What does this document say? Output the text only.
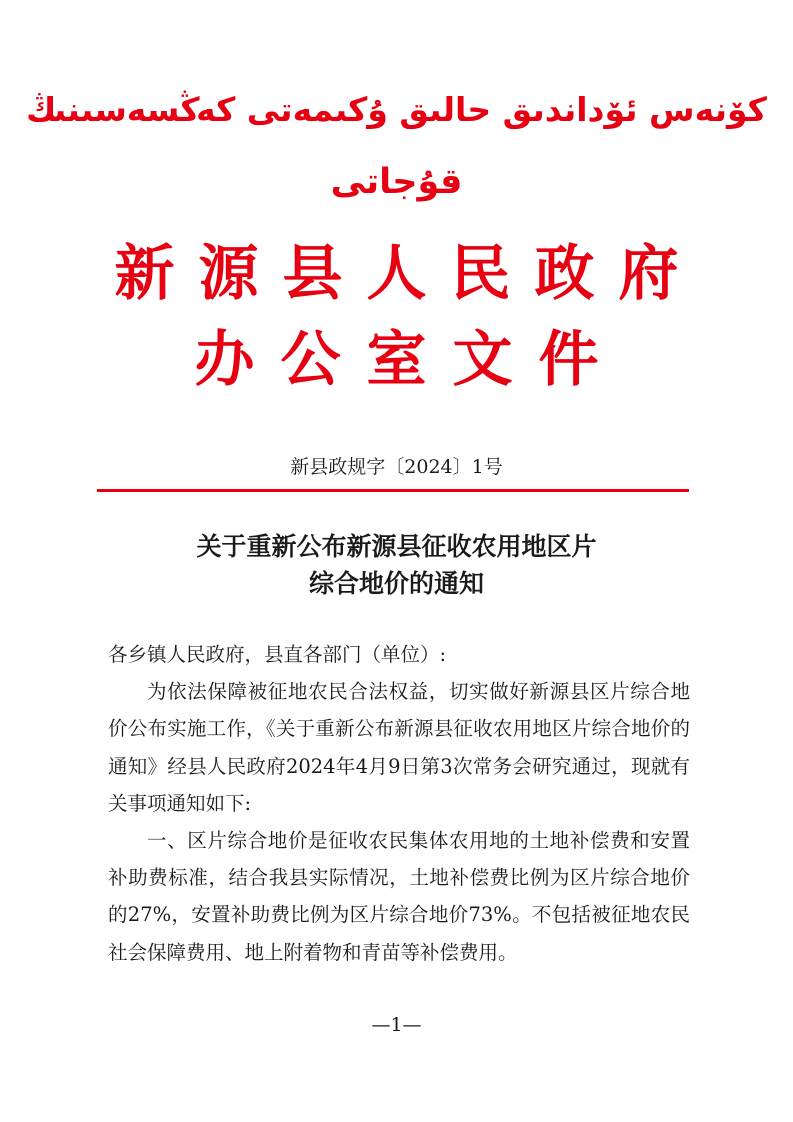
كۆنەس ئۆداندىق حالىق ۇكىمەتى كەڭسەسىنىڭ
قۇجاتى
新源县人民政府
办公室文件
新县政规字〔2024〕1号
关于重新公布新源县征收农用地区片
综合地价的通知

各乡镇人民政府，县直各部门（单位）:

为依法保障被征地农民合法权益，切实做好新源县区片综合地价公布实施工作，《关于重新公布新源县征收农用地区片综合地价的通知》经县人民政府2024年4月9日第3次常务会研究通过，现就有关事项通知如下:

一、区片综合地价是征收农民集体农用地的土地补偿费和安置补助费标准，结合我县实际情况，土地补偿费比例为区片综合地价的27%，安置补助费比例为区片综合地价73%。不包括被征地农民社会保障费用、地上附着物和青苗等补偿费用。

—1—
